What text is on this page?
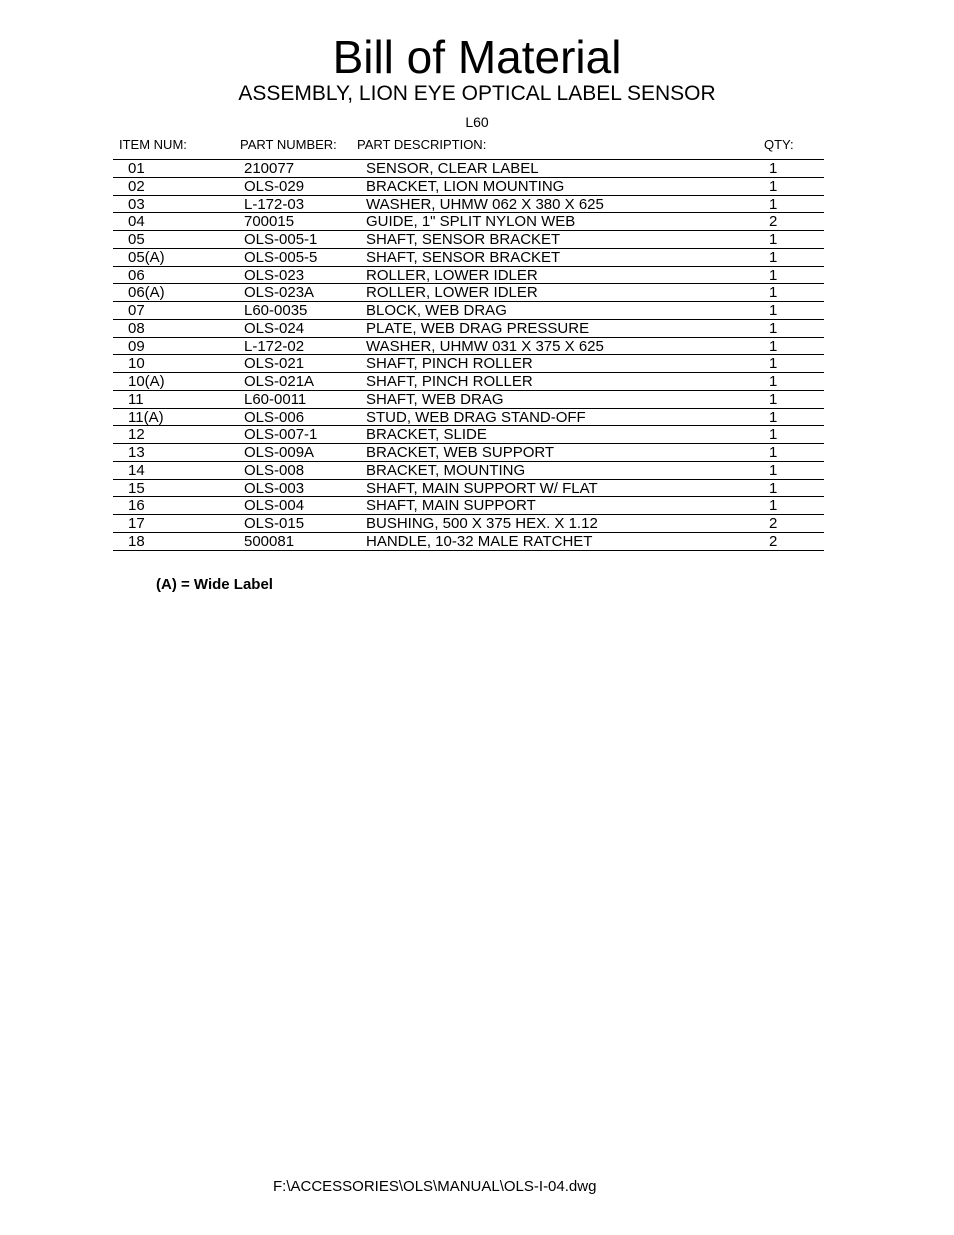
Bill of Material
ASSEMBLY, LION EYE OPTICAL LABEL SENSOR
L60
ITEM NUM:	PART NUMBER: PART DESCRIPTION:	QTY:
01	210077	SENSOR, CLEAR LABEL	1
02	OLS-029	BRACKET, LION MOUNTING	1
03	L-172-03	WASHER, UHMW 062 X 380 X 625	1
04	700015	GUIDE, 1" SPLIT NYLON WEB	2
05	OLS-005-1	SHAFT, SENSOR BRACKET	1
05(A)	OLS-005-5	SHAFT, SENSOR BRACKET	1
06	OLS-023	ROLLER, LOWER IDLER	1
06(A)	OLS-023A	ROLLER, LOWER IDLER	1
07	L60-0035	BLOCK, WEB DRAG	1
08	OLS-024	PLATE, WEB DRAG PRESSURE	1
09	L-172-02	WASHER, UHMW 031 X 375 X 625	1
10	OLS-021	SHAFT, PINCH ROLLER	1
10(A)	OLS-021A	SHAFT, PINCH ROLLER	1
11	L60-0011	SHAFT, WEB DRAG	1
11(A)	OLS-006	STUD, WEB DRAG STAND-OFF	1
12	OLS-007-1	BRACKET, SLIDE	1
13	OLS-009A	BRACKET, WEB SUPPORT	1
14	OLS-008	BRACKET, MOUNTING	1
15	OLS-003	SHAFT, MAIN SUPPORT W/ FLAT	1
16	OLS-004	SHAFT, MAIN SUPPORT	1
17	OLS-015	BUSHING, 500 X 375 HEX. X 1.12	2
18	500081	HANDLE, 10-32 MALE RATCHET	2
(A) = Wide Label
F:\ACCESSORIES\OLS\MANUAL\OLS-I-04.dwg
